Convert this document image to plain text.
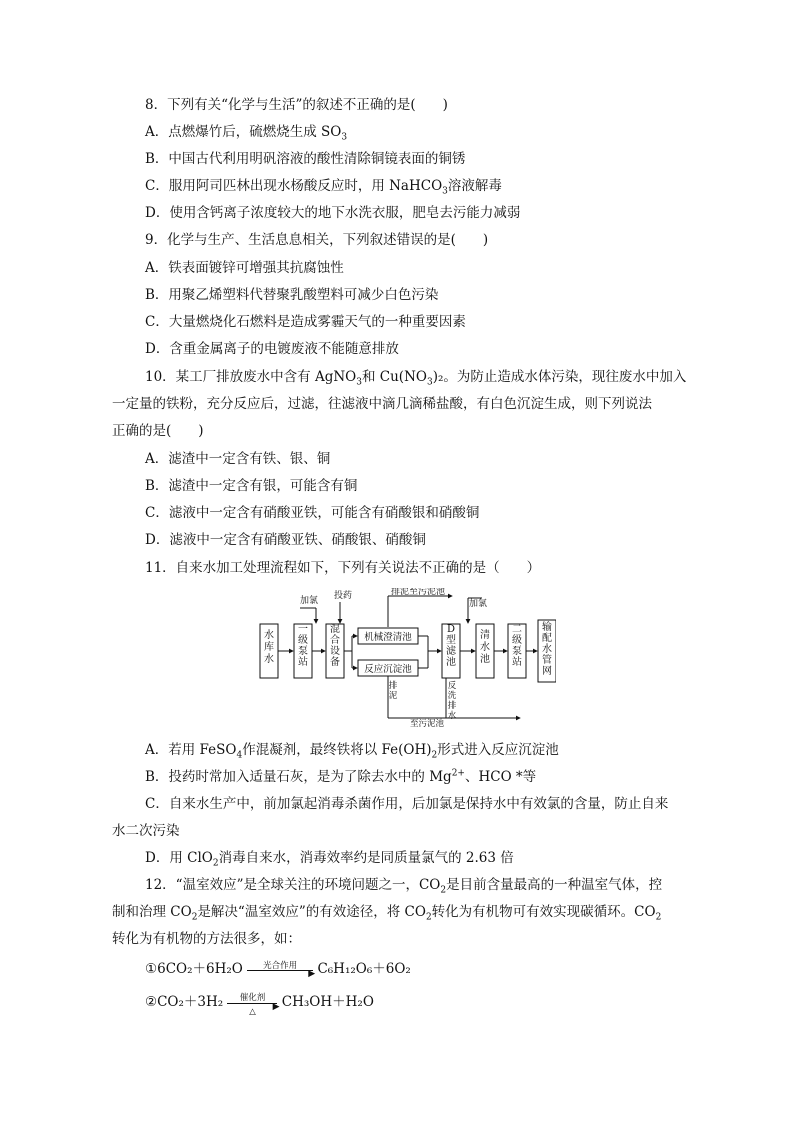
8．下列有关“化学与生活”的叙述不正确的是(　　)
A．点燃爆竹后，硫燃烧生成 $SO_3$
B．中国古代利用明矾溶液的酸性清除铜镜表面的铜锈
C．服用阿司匹林出现水杨酸反应时，用 NaHCO$_3$溶液解毒
D．使用含钙离子浓度较大的地下水洗衣服，肥皂去污能力减弱
9．化学与生产、生活息息相关，下列叙述错误的是(　　)
A．铁表面镀锌可增强其抗腐蚀性
B．用聚乙烯塑料代替聚乳酸塑料可减少白色污染
C．大量燃烧化石燃料是造成雾霾天气的一种重要因素
D．含重金属离子的电镀废液不能随意排放
10．某工厂排放废水中含有 AgNO$_3$和 $Cu(NO_3)_2$。为防止造成水体污染，现往废水中加入
一定量的铁粉，充分反应后，过滤，往滤液中滴几滴稀盐酸，有白色沉淀生成，则下列说法
正确的是(　　)
A．滤渣中一定含有铁、银、铜
B．滤渣中一定含有银，可能含有铜
C．滤液中一定含有硝酸亚铁，可能含有硝酸银和硝酸铜
D．滤液中一定含有硝酸亚铁、硝酸银、硝酸铜
11．自来水加工处理流程如下，下列有关说法不正确的是（　　）
加氯 投药	排泥至污泥池
加氯
至污泥池
水库水
一级泵站
混合设备
D 型滤池
清水池
二级泵站
输配水管网
排泥
反洗排水
机械澄清池
反应沉淀池
A．若用 FeSO$_4$作混凝剂，最终铁将以 $Fe(OH)_2$形式进入反应沉淀池
B．投药时常加入适量石灰，是为了除去水中的 $Mg^{2+}$、HCO *等
C．自来水生产中，前加氯起消毒杀菌作用，后加氯是保持水中有效氯的含量，防止自来
水二次污染
D．用 ClO$_2$消毒自来水，消毒效率约是同质量氯气的 2.63 倍
12．“温室效应”是全球关注的环境问题之一，$CO_2$是目前含量最高的一种温室气体，控
制和治理 $CO_2$是解决“温室效应”的有效途径，将 $CO_2$转化为有机物可有效实现碳循环。$CO_2$
转化为有机物的方法很多，如：
①6CO₂＋6H₂O	光合作用
▶ C₆H₁₂O₆＋6O₂
②CO₂＋3H₂	催化剂
▶
△
CH₃OH＋H₂O
